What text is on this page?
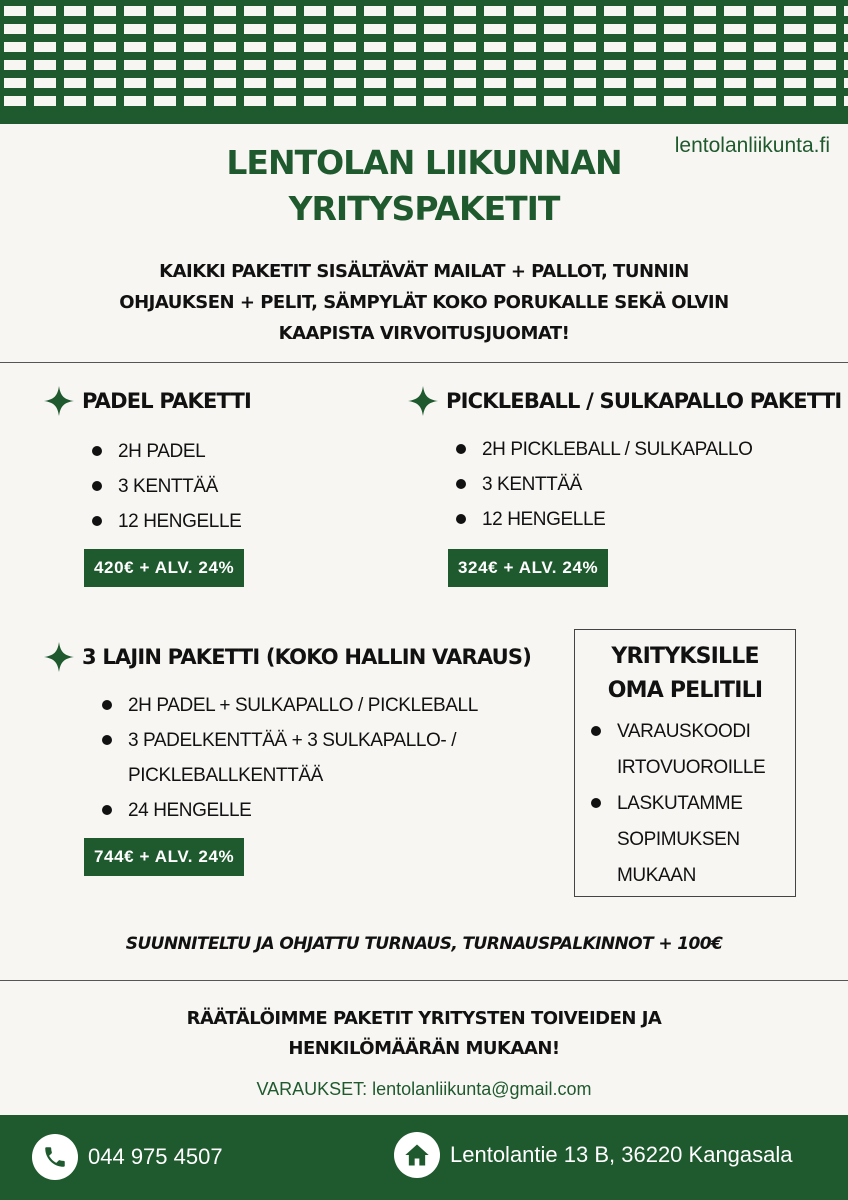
lentolanliikunta.fi
LENTOLAN LIIKUNNAN
YRITYSPAKETIT
KAIKKI PAKETIT SISÄLTÄVÄT MAILAT + PALLOT, TUNNIN
OHJAUKSEN + PELIT, SÄMPYLÄT KOKO PORUKALLE SEKÄ OLVIN
KAAPISTA VIRVOITUSJUOMAT!
PADEL PAKETTI
2H PADEL
3 KENTTÄÄ
12 HENGELLE
420€ + ALV. 24%
PICKLEBALL / SULKAPALLO PAKETTI
2H PICKLEBALL / SULKAPALLO
3 KENTTÄÄ
12 HENGELLE
324€ + ALV. 24%
3 LAJIN PAKETTI (KOKO HALLIN VARAUS)
2H PADEL + SULKAPALLO / PICKLEBALL
3 PADELKENTTÄÄ + 3 SULKAPALLO- /
PICKLEBALLKENTTÄÄ
24 HENGELLE
744€ + ALV. 24%
YRITYKSILLE
OMA PELITILI
VARAUSKOODI
IRTOVUOROILLE
LASKUTAMME
SOPIMUKSEN
MUKAAN
SUUNNITELTU JA OHJATTU TURNAUS, TURNAUSPALKINNOT + 100€
RÄÄTÄLÖIMME PAKETIT YRITYSTEN TOIVEIDEN JA
HENKILÖMÄÄRÄN MUKAAN!
VARAUKSET: lentolanliikunta@gmail.com
044 975 4507	Lentolantie 13 B, 36220 Kangasala
